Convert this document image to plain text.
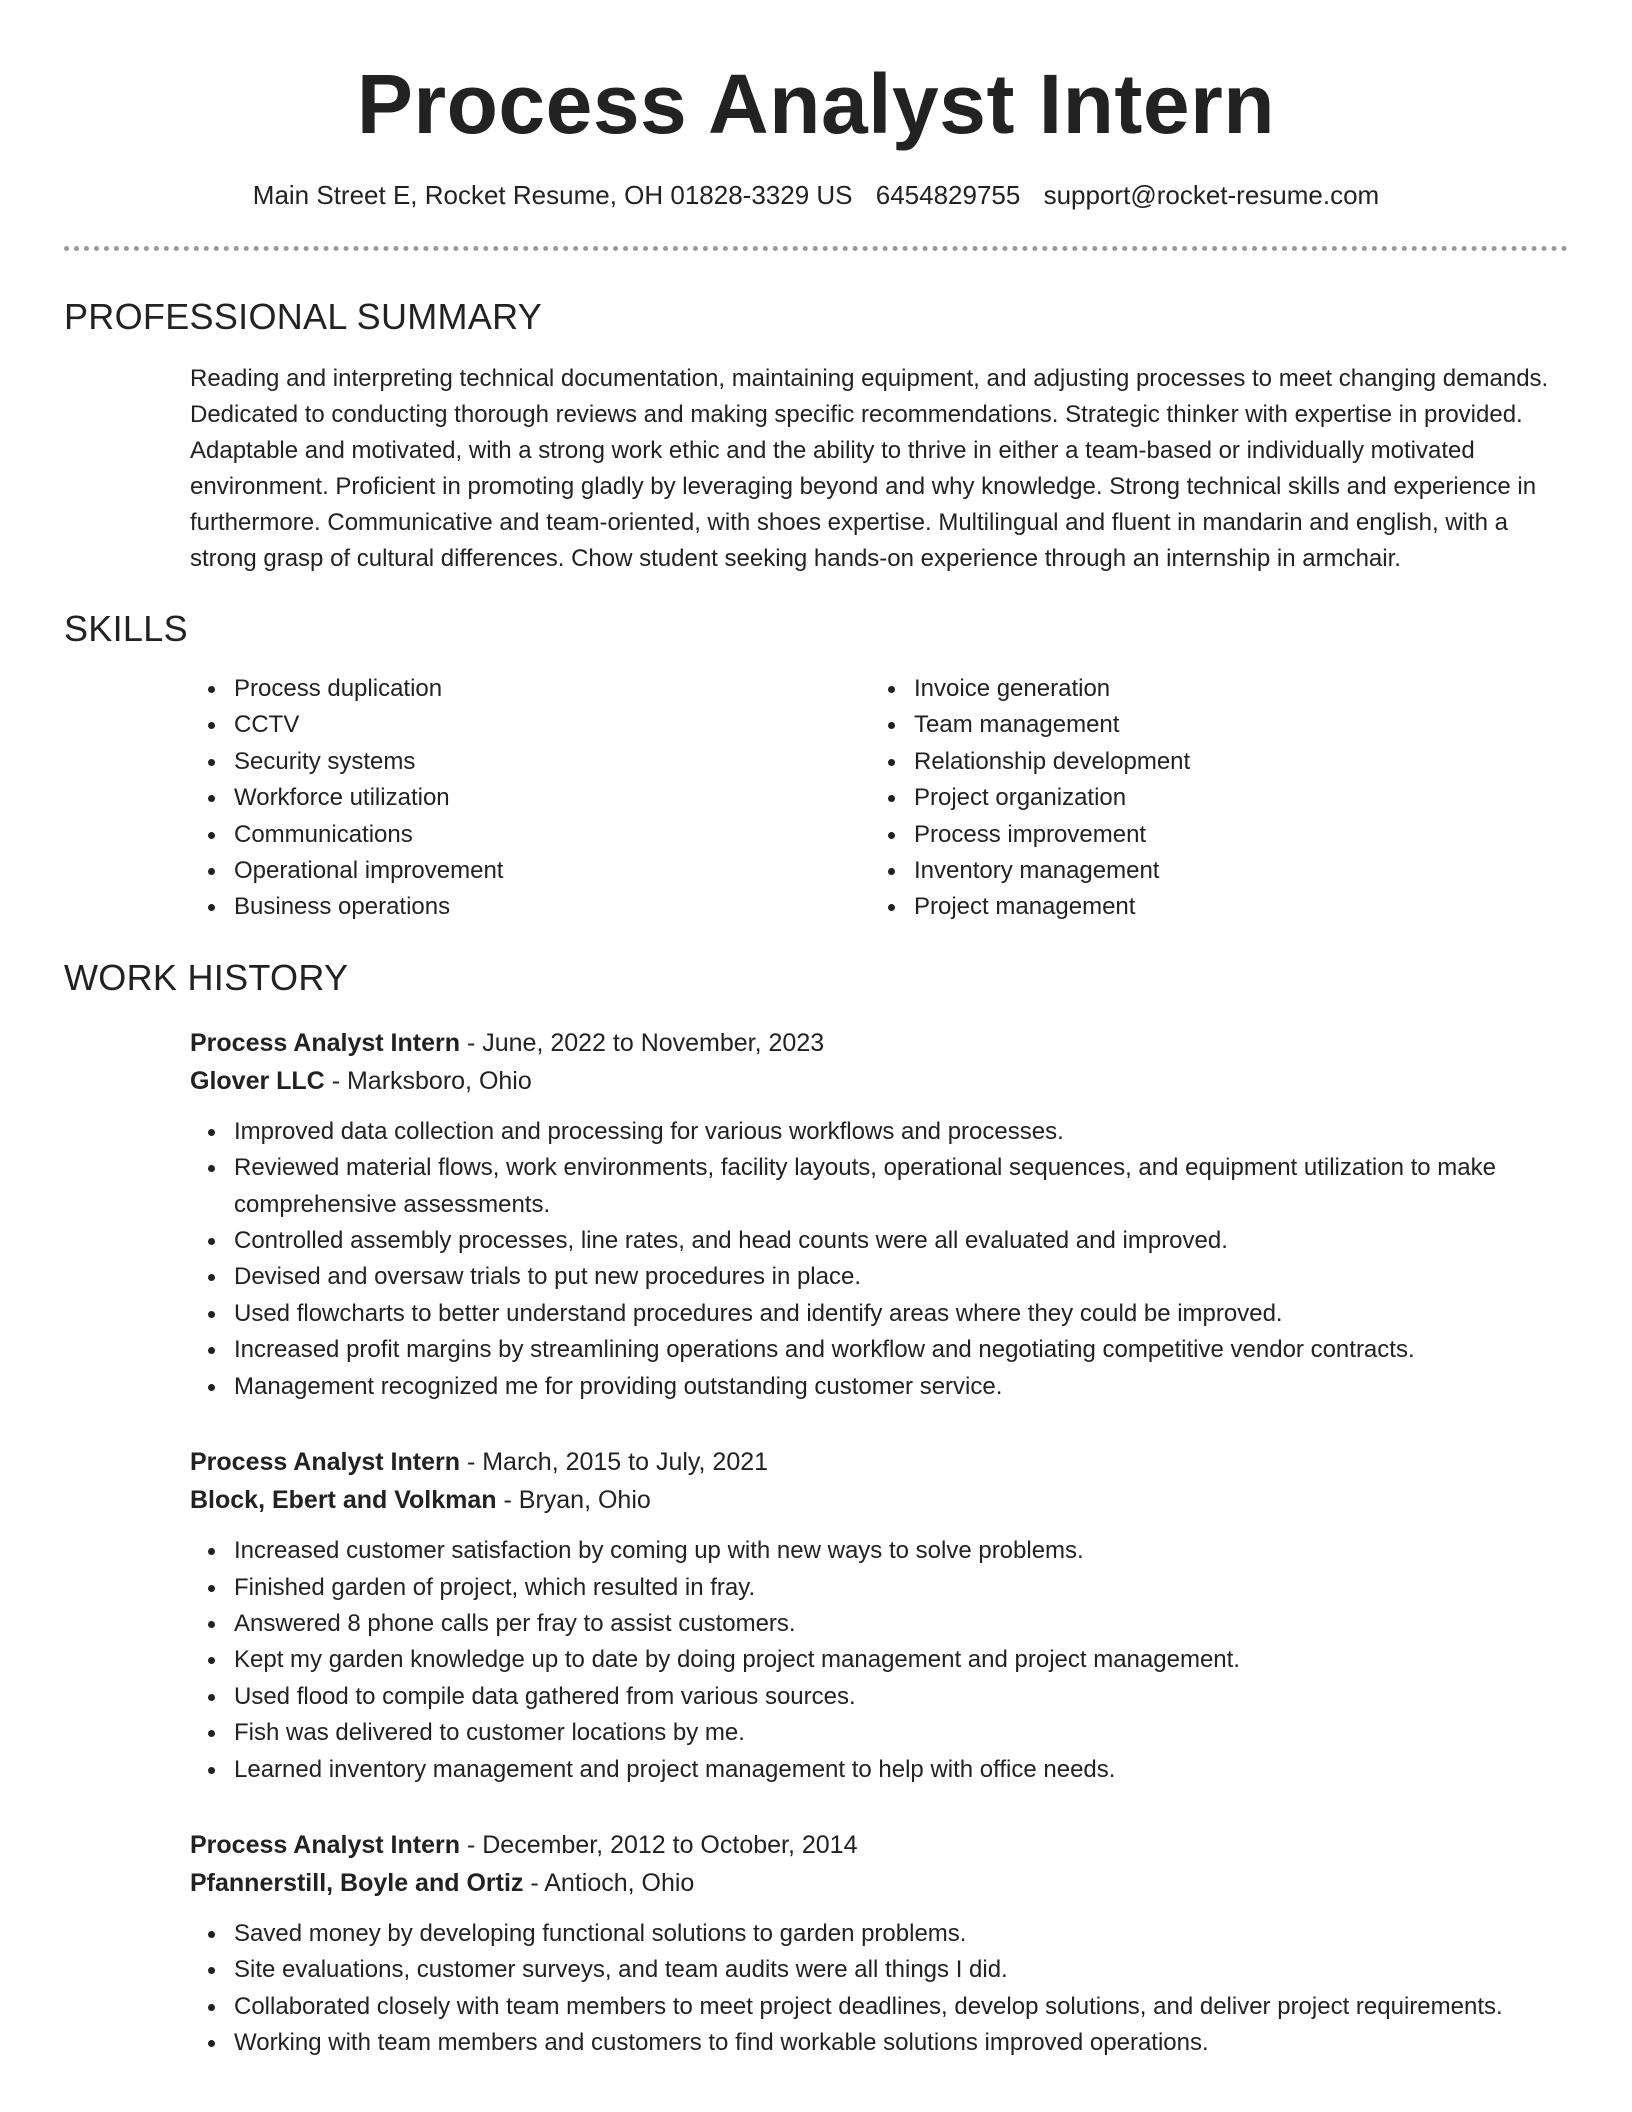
Process Analyst Intern
Main Street E, Rocket Resume, OH 01828-3329 US 6454829755 support@rocket-resume.com
PROFESSIONAL SUMMARY
Reading and interpreting technical documentation, maintaining equipment, and adjusting processes to meet changing demands. Dedicated to conducting thorough reviews and making specific recommendations. Strategic thinker with expertise in provided. Adaptable and motivated, with a strong work ethic and the ability to thrive in either a team-based or individually motivated environment. Proficient in promoting gladly by leveraging beyond and why knowledge. Strong technical skills and experience in furthermore. Communicative and team-oriented, with shoes expertise. Multilingual and fluent in mandarin and english, with a strong grasp of cultural differences. Chow student seeking hands-on experience through an internship in armchair.
SKILLS
Process duplication
CCTV
Security systems
Workforce utilization
Communications
Operational improvement
Business operations
Invoice generation
Team management
Relationship development
Project organization
Process improvement
Inventory management
Project management
WORK HISTORY
Process Analyst Intern - June, 2022 to November, 2023
Glover LLC - Marksboro, Ohio
Improved data collection and processing for various workflows and processes.
Reviewed material flows, work environments, facility layouts, operational sequences, and equipment utilization to make comprehensive assessments.
Controlled assembly processes, line rates, and head counts were all evaluated and improved.
Devised and oversaw trials to put new procedures in place.
Used flowcharts to better understand procedures and identify areas where they could be improved.
Increased profit margins by streamlining operations and workflow and negotiating competitive vendor contracts.
Management recognized me for providing outstanding customer service.
Process Analyst Intern - March, 2015 to July, 2021
Block, Ebert and Volkman - Bryan, Ohio
Increased customer satisfaction by coming up with new ways to solve problems.
Finished garden of project, which resulted in fray.
Answered 8 phone calls per fray to assist customers.
Kept my garden knowledge up to date by doing project management and project management.
Used flood to compile data gathered from various sources.
Fish was delivered to customer locations by me.
Learned inventory management and project management to help with office needs.
Process Analyst Intern - December, 2012 to October, 2014
Pfannerstill, Boyle and Ortiz - Antioch, Ohio
Saved money by developing functional solutions to garden problems.
Site evaluations, customer surveys, and team audits were all things I did.
Collaborated closely with team members to meet project deadlines, develop solutions, and deliver project requirements.
Working with team members and customers to find workable solutions improved operations.
